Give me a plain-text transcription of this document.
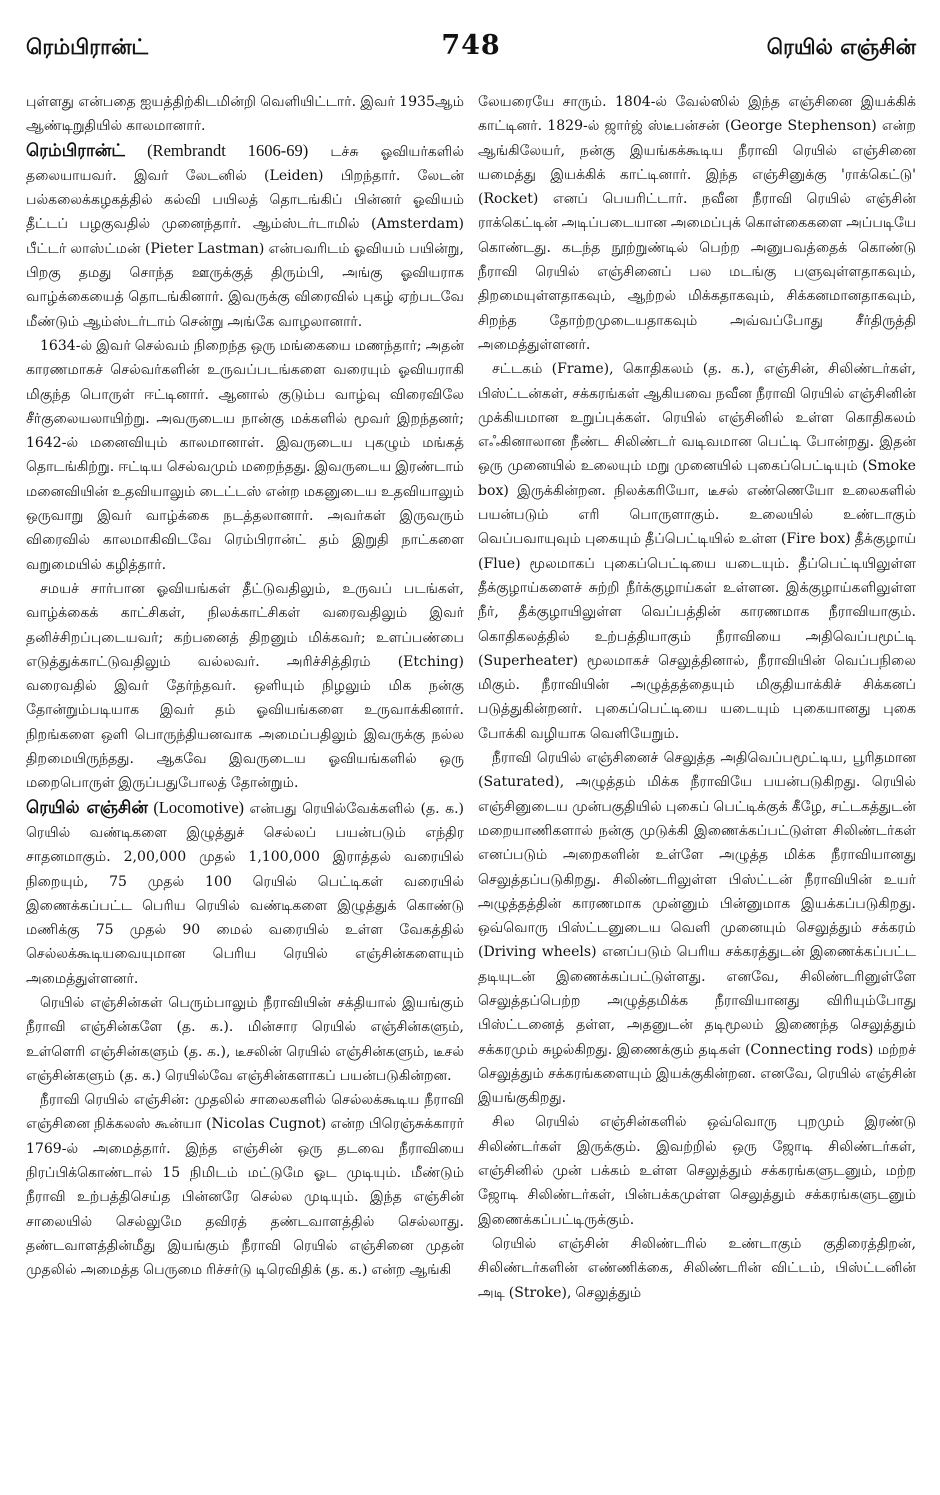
ரெம்பிரான்ட்	748	ரெயில் எஞ்சின்

புள்ளது என்பதை ஐயத்திற்கிடமின்றி வெளியிட்டார். இவர் 1935ஆம் ஆண்டிறுதியில் காலமானார்.

ரெம்பிரான்ட் (Rembrandt 1606-69) டச்சு ஓவியர்களில் தலையாயவர். இவர் லேடனில் (Leiden) பிறந்தார். லேடன் பல்கலைக்கழகத்தில் கல்வி பயிலத் தொடங்கிப் பின்னர் ஓவியம் தீட்டப் பழகுவதில் முனைந்தார். ஆம்ஸ்டர்டாமில் (Amsterdam) பீட்டர் லாஸ்ட்மன் (Pieter Lastman) என்பவரிடம் ஓவியம் பயின்று, பிறகு தமது சொந்த ஊருக்குத் திரும்பி, அங்கு ஓவியராக வாழ்க்கையைத் தொடங்கினார். இவருக்கு விரைவில் புகழ் ஏற்படவே மீண்டும் ஆம்ஸ்டர்டாம் சென்று அங்கே வாழலானார்.

1634-ல் இவர் செல்வம் நிறைந்த ஒரு மங்கையை மணந்தார்; அதன் காரணமாகச் செல்வர்களின் உருவப்படங்களை வரையும் ஓவியராகி மிகுந்த பொருள் ஈட்டினார். ஆனால் குடும்ப வாழ்வு விரைவிலே சீர்குலையலாயிற்று. அவருடைய நான்கு மக்களில் மூவர் இறந்தனர்; 1642-ல் மனைவியும் காலமானாள். இவருடைய புகழும் மங்கத் தொடங்கிற்று. ஈட்டிய செல்வமும் மறைந்தது. இவருடைய இரண்டாம் மனைவியின் உதவியாலும் டைட்டஸ் என்ற மகனுடைய உதவியாலும் ஒருவாறு இவர் வாழ்க்கை நடத்தலானார். அவர்கள் இருவரும் விரைவில் காலமாகிவிடவே ரெம்பிரான்ட் தம் இறுதி நாட்களை வறுமையில் கழித்தார்.

சமயச் சார்பான ஓவியங்கள் தீட்டுவதிலும், உருவப் படங்கள், வாழ்க்கைக் காட்சிகள், நிலக்காட்சிகள் வரைவதிலும் இவர் தனிச்சிறப்புடையவர்; கற்பனைத் திறனும் மிக்கவர்; உளப்பண்பை எடுத்துக்காட்டுவதிலும் வல்லவர். அரிச்சித்திரம் (Etching) வரைவதில் இவர் தேர்ந்தவர். ஒளியும் நிழலும் மிக நன்கு தோன்றும்படியாக இவர் தம் ஓவியங்களை உருவாக்கினார். நிறங்களை ஒளி பொருந்தியனவாக அமைப்பதிலும் இவருக்கு நல்ல திறமையிருந்தது. ஆகவே இவருடைய ஓவியங்களில் ஒரு மறைபொருள் இருப்பதுபோலத் தோன்றும்.

ரெயில் எஞ்சின் (Locomotive) என்பது ரெயில்வேக்களில் (த. க.) ரெயில் வண்டிகளை இழுத்துச் செல்லப் பயன்படும் எந்திர சாதனமாகும். 2,00,000 முதல் 1,100,000 இராத்தல் வரையில் நிறையும், 75 முதல் 100 ரெயில் பெட்டிகள் வரையில் இணைக்கப்பட்ட பெரிய ரெயில் வண்டிகளை இழுத்துக் கொண்டு மணிக்கு 75 முதல் 90 மைல் வரையில் உள்ள வேகத்தில் செல்லக்கூடியவையுமான பெரிய ரெயில் எஞ்சின்களையும் அமைத்துள்ளனர்.

ரெயில் எஞ்சின்கள் பெரும்பாலும் நீராவியின் சக்தியால் இயங்கும் நீராவி எஞ்சின்களே (த. க.). மின்சார ரெயில் எஞ்சின்களும், உள்ளெரி எஞ்சின்களும் (த. க.), டீசலின் ரெயில் எஞ்சின்களும், டீசல் எஞ்சின்களும் (த. க.) ரெயில்வே எஞ்சின்களாகப் பயன்படுகின்றன.

நீராவி ரெயில் எஞ்சின்: முதலில் சாலைகளில் செல்லக்கூடிய நீராவி எஞ்சினை நிக்கலஸ் கூன்யா (Nicolas Cugnot) என்ற பிரெஞ்சுக்காரர் 1769-ல் அமைத்தார். இந்த எஞ்சின் ஒரு தடவை நீராவியை நிரப்பிக்கொண்டால் 15 நிமிடம் மட்டுமே ஓட முடியும். மீண்டும் நீராவி உற்பத்திசெய்த பின்னரே செல்ல முடியும். இந்த எஞ்சின் சாலையில் செல்லுமே தவிரத் தண்டவாளத்தில் செல்லாது. தண்டவாளத்தின்மீது இயங்கும் நீராவி ரெயில் எஞ்சினை முதன் முதலில் அமைத்த பெருமை ரிச்சர்டு டிரெவிதிக் (த. க.) என்ற ஆங்கி

லேயரையே சாரும். 1804-ல் வேல்ஸில் இந்த எஞ்சினை இயக்கிக் காட்டினர். 1829-ல் ஜார்ஜ் ஸ்டீபன்சன் (George Stephenson) என்ற ஆங்கிலேயர், நன்கு இயங்கக்கூடிய நீராவி ரெயில் எஞ்சினை யமைத்து இயக்கிக் காட்டினார். இந்த எஞ்சினுக்கு 'ராக்கெட்டு' (Rocket) எனப் பெயரிட்டார். நவீன நீராவி ரெயில் எஞ்சின் ராக்கெட்டின் அடிப்படையான அமைப்புக் கொள்கைகளை அப்படியே கொண்டது. கடந்த நூற்றுண்டில் பெற்ற அனுபவத்தைக் கொண்டு நீராவி ரெயில் எஞ்சினைப் பல மடங்கு பளுவுள்ளதாகவும், திறமையுள்ளதாகவும், ஆற்றல் மிக்கதாகவும், சிக்கனமானதாகவும், சிறந்த தோற்றமுடையதாகவும் அவ்வப்போது சீர்திருத்தி அமைத்துள்ளனர்.

சட்டகம் (Frame), கொதிகலம் (த. க.), எஞ்சின், சிலிண்டர்கள், பிஸ்ட்டன்கள், சக்கரங்கள் ஆகியவை நவீன நீராவி ரெயில் எஞ்சினின் முக்கியமான உறுப்புக்கள். ரெயில் எஞ்சினில் உள்ள கொதிகலம் எஃகினாலான நீண்ட சிலிண்டர் வடிவமான பெட்டி போன்றது. இதன் ஒரு முனையில் உலையும் மறு முனையில் புகைப்பெட்டியும் (Smoke box) இருக்கின்றன. நிலக்கரியோ, டீசல் எண்ணெயோ உலைகளில் பயன்படும் எரி பொருளாகும். உலையில் உண்டாகும் வெப்பவாயுவும் புகையும் தீப்பெட்டியில் உள்ள (Fire box) தீக்குழாய் (Flue) மூலமாகப் புகைப்பெட்டியை யடையும். தீப்பெட்டியிலுள்ள தீக்குழாய்களைச் சுற்றி நீர்க்குழாய்கள் உள்ளன. இக்குழாய்களிலுள்ள நீர், தீக்குழாயிலுள்ள வெப்பத்தின் காரணமாக நீராவியாகும். கொதிகலத்தில் உற்பத்தியாகும் நீராவியை அதிவெப்பமூட்டி (Superheater) மூலமாகச் செலுத்தினால், நீராவியின் வெப்பநிலை மிகும். நீராவியின் அழுத்தத்தையும் மிகுதியாக்கிச் சிக்கனப் படுத்துகின்றனர். புகைப்பெட்டியை யடையும் புகையானது புகை போக்கி வழியாக வெளியேறும்.

நீராவி ரெயில் எஞ்சினைச் செலுத்த அதிவெப்பமூட்டிய, பூரிதமான (Saturated), அழுத்தம் மிக்க நீராவியே பயன்படுகிறது. ரெயில் எஞ்சினுடைய முன்பகுதியில் புகைப் பெட்டிக்குக் கீழே, சட்டகத்துடன் மறையாணிகளால் நன்கு முடுக்கி இணைக்கப்பட்டுள்ள சிலிண்டர்கள் எனப்படும் அறைகளின் உள்ளே அழுத்த மிக்க நீராவியானது செலுத்தப்படுகிறது. சிலிண்டரிலுள்ள பிஸ்ட்டன் நீராவியின் உயர் அழுத்தத்தின் காரணமாக முன்னும் பின்னுமாக இயக்கப்படுகிறது. ஒவ்வொரு பிஸ்ட்டனுடைய வெளி முனையும் செலுத்தும் சக்கரம் (Driving wheels) எனப்படும் பெரிய சக்கரத்துடன் இணைக்கப்பட்ட தடியுடன் இணைக்கப்பட்டுள்ளது. எனவே, சிலிண்டரினுள்ளே செலுத்தப்பெற்ற அழுத்தமிக்க நீராவியானது விரியும்போது பிஸ்ட்டனைத் தள்ள, அதனுடன் தடிமூலம் இணைந்த செலுத்தும் சக்கரமும் சுழல்கிறது. இணைக்கும் தடிகள் (Connecting rods) மற்றச் செலுத்தும் சக்கரங்களையும் இயக்குகின்றன. எனவே, ரெயில் எஞ்சின் இயங்குகிறது.

சில ரெயில் எஞ்சின்களில் ஒவ்வொரு புறமும் இரண்டு சிலிண்டர்கள் இருக்கும். இவற்றில் ஒரு ஜோடி சிலிண்டர்கள், எஞ்சினில் முன் பக்கம் உள்ள செலுத்தும் சக்கரங்களுடனும், மற்ற ஜோடி சிலிண்டர்கள், பின்பக்கமுள்ள செலுத்தும் சக்கரங்களுடனும் இணைக்கப்பட்டிருக்கும்.

ரெயில் எஞ்சின் சிலிண்டரில் உண்டாகும் குதிரைத்திறன், சிலிண்டர்களின் எண்ணிக்கை, சிலிண்டரின் விட்டம், பிஸ்ட்டனின் அடி (Stroke), செலுத்தும்
